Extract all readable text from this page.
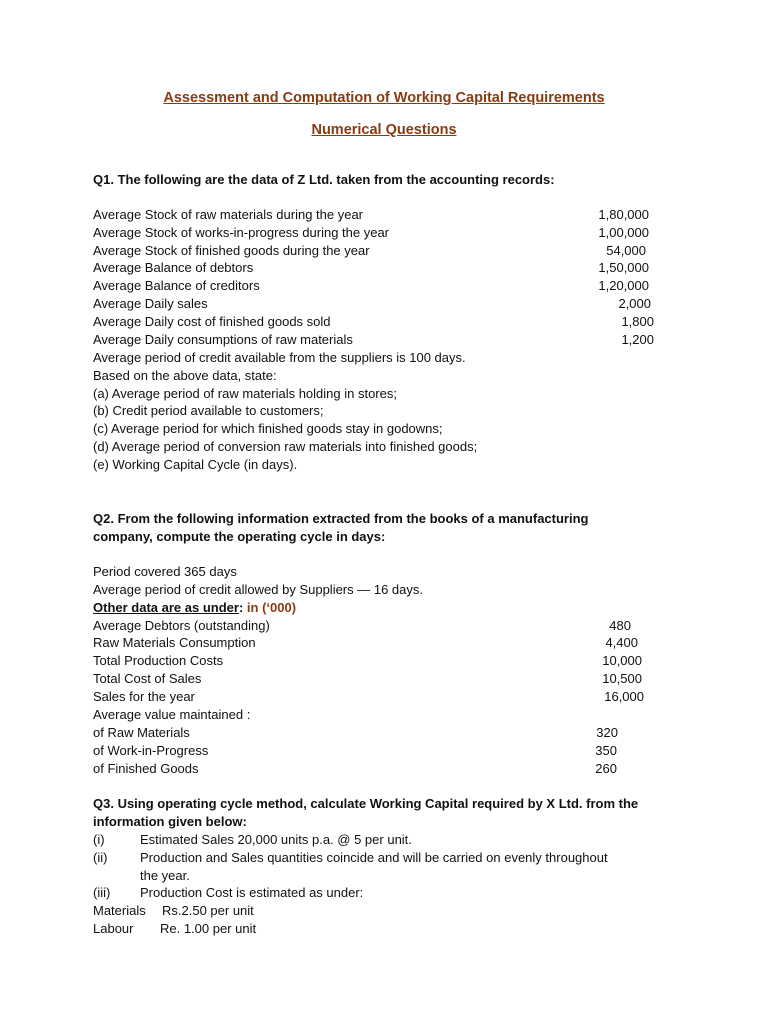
Assessment and Computation of Working Capital Requirements
Numerical Questions
Q1. The following are the data of Z Ltd. taken from the accounting records:
Average Stock of raw materials during the year	1,80,000
Average Stock of works-in-progress during the year	1,00,000
Average Stock of finished goods during the year	54,000
Average Balance of debtors	1,50,000
Average Balance of creditors	1,20,000
Average Daily sales	2,000
Average Daily cost of finished goods sold	1,800
Average Daily consumptions of raw materials	1,200
Average period of credit available from the suppliers is 100 days.
Based on the above data, state:
(a) Average period of raw materials holding in stores;
(b) Credit period available to customers;
(c) Average period for which finished goods stay in godowns;
(d) Average period of conversion raw materials into finished goods;
(e) Working Capital Cycle (in days).
Q2. From the following information extracted from the books of a manufacturing
company, compute the operating cycle in days:
Period covered 365 days
Average period of credit allowed by Suppliers — 16 days.
Other data are as under: in (‘000)
Average Debtors (outstanding)	480
Raw Materials Consumption	4,400
Total Production Costs	10,000
Total Cost of Sales	10,500
Sales for the year	16,000
Average value maintained :
of Raw Materials	320
of Work-in-Progress	350
of Finished Goods	260
Q3. Using operating cycle method, calculate Working Capital required by X Ltd. from the
information given below:
(i)	Estimated Sales 20,000 units p.a. @ 5 per unit.
(ii)	Production and Sales quantities coincide and will be carried on evenly throughout
the year.
(iii)	Production Cost is estimated as under:
Materials Rs.2.50 per unit
Labour Re. 1.00 per unit
